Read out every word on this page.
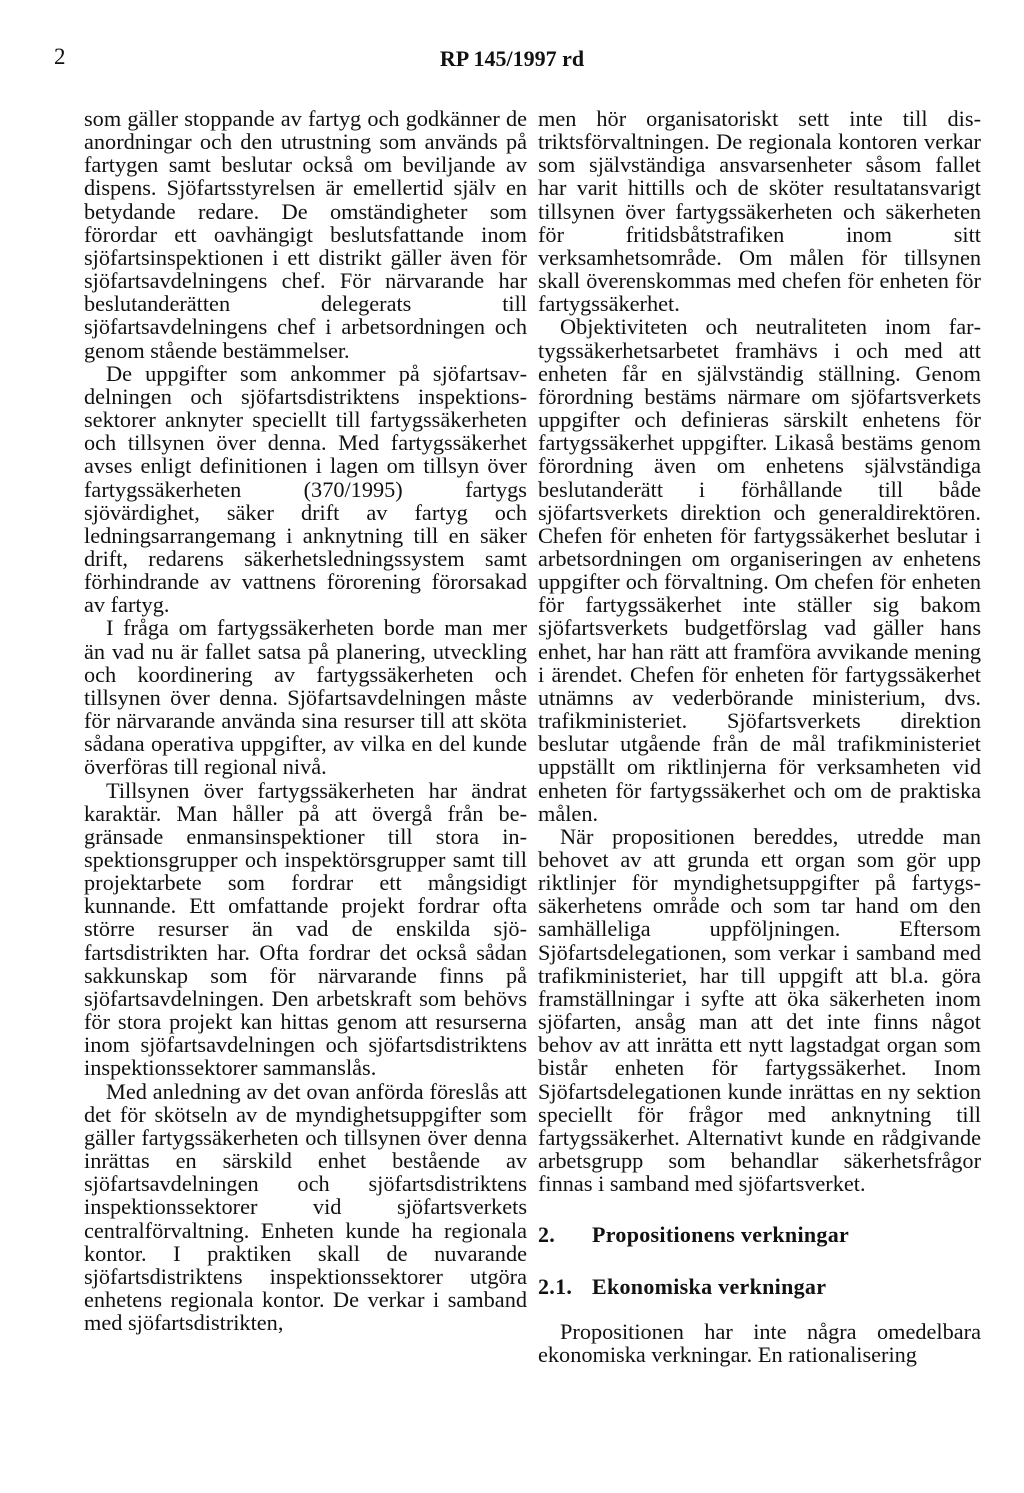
2	RP 145/1997 rd

som gäller stoppande av fartyg och godkänner de anordningar och den utrustning som används på fartygen samt beslutar också om beviljande av dispens. Sjöfartsstyrelsen är emellertid själv en betydande redare. De omständigheter som förordar ett oavhängigt beslutsfattande inom sjöfartsinspektionen i ett distrikt gäller även för sjöfartsavdelningens chef. För närvarande har beslutanderätten delegerats till sjöfartsavdelningens chef i arbetsordningen och genom stående bestämmelser.

De uppgifter som ankommer på sjöfartsavdelningen och sjöfartsdistriktens inspektionssektorer anknyter speciellt till fartygssäkerheten och tillsynen över denna. Med fartygssäkerhet avses enligt definitionen i lagen om tillsyn över fartygssäkerheten (370/1995) fartygs sjövärdighet, säker drift av fartyg och ledningsarrangemang i anknytning till en säker drift, redarens säkerhetsledningssystem samt förhindrande av vattnens förorening förorsakad av fartyg.

I fråga om fartygssäkerheten borde man mer än vad nu är fallet satsa på planering, utveckling och koordinering av fartygssäkerheten och tillsynen över denna. Sjöfartsavdelningen måste för närvarande använda sina resurser till att sköta sådana operativa uppgifter, av vilka en del kunde överföras till regional nivå.

Tillsynen över fartygssäkerheten har ändrat karaktär. Man håller på att övergå från begränsade enmansinspektioner till stora inspektionsgrupper och inspektörsgrupper samt till projektarbete som fordrar ett mångsidigt kunnande. Ett omfattande projekt fordrar ofta större resurser än vad de enskilda sjöfartsdistrikten har. Ofta fordrar det också sådan sakkunskap som för närvarande finns på sjöfartsavdelningen. Den arbetskraft som behövs för stora projekt kan hittas genom att resurserna inom sjöfartsavdelningen och sjöfartsdistriktens inspektionssektorer sammanslås.

Med anledning av det ovan anförda föreslås att det för skötseln av de myndighetsuppgifter som gäller fartygssäkerheten och tillsynen över denna inrättas en särskild enhet bestående av sjöfartsavdelningen och sjöfartsdistriktens inspektionssektorer vid sjöfartsverkets centralförvaltning. Enheten kunde ha regionala kontor. I praktiken skall de nuvarande sjöfartsdistriktens inspektionssektorer utgöra enhetens regionala kontor. De verkar i samband med sjöfartsdistrikten,

men hör organisatoriskt sett inte till distriktsförvaltningen. De regionala kontoren verkar som självständiga ansvarsenheter såsom fallet har varit hittills och de sköter resultatansvarigt tillsynen över fartygssäkerheten och säkerheten för fritidsbåtstrafiken inom sitt verksamhetsområde. Om målen för tillsynen skall överenskommas med chefen för enheten för fartygssäkerhet.

Objektiviteten och neutraliteten inom fartygssäkerhetsarbetet framhävs i och med att enheten får en självständig ställning. Genom förordning bestäms närmare om sjöfartsverkets uppgifter och definieras särskilt enhetens för fartygssäkerhet uppgifter. Likaså bestäms genom förordning även om enhetens självständiga beslutanderätt i förhållande till både sjöfartsverkets direktion och generaldirektören. Chefen för enheten för fartygssäkerhet beslutar i arbetsordningen om organiseringen av enhetens uppgifter och förvaltning. Om chefen för enheten för fartygssäkerhet inte ställer sig bakom sjöfartsverkets budgetförslag vad gäller hans enhet, har han rätt att framföra avvikande mening i ärendet. Chefen för enheten för fartygssäkerhet utnämns av vederbörande ministerium, dvs. trafikministeriet. Sjöfartsverkets direktion beslutar utgående från de mål trafikministeriet uppställt om riktlinjerna för verksamheten vid enheten för fartygssäkerhet och om de praktiska målen.

När propositionen bereddes, utredde man behovet av att grunda ett organ som gör upp riktlinjer för myndighetsuppgifter på fartygssäkerhetens område och som tar hand om den samhälleliga uppföljningen. Eftersom Sjöfartsdelegationen, som verkar i samband med trafikministeriet, har till uppgift att bl.a. göra framställningar i syfte att öka säkerheten inom sjöfarten, ansåg man att det inte finns något behov av att inrätta ett nytt lagstadgat organ som bistår enheten för fartygssäkerhet. Inom Sjöfartsdelegationen kunde inrättas en ny sektion speciellt för frågor med anknytning till fartygssäkerhet. Alternativt kunde en rådgivande arbetsgrupp som behandlar säkerhetsfrågor finnas i samband med sjöfartsverket.

2. Propositionens verkningar

2.1. Ekonomiska verkningar

Propositionen har inte några omedelbara ekonomiska verkningar. En rationalisering
